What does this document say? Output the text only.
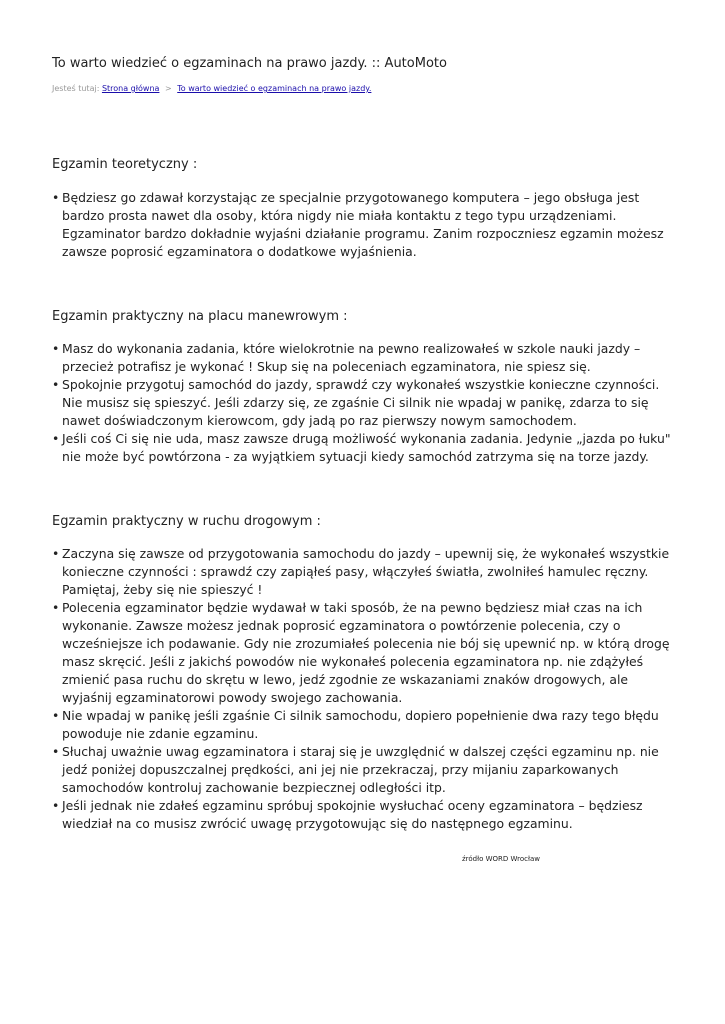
To warto wiedzieć o egzaminach na prawo jazdy. :: AutoMoto
Jesteś tutaj: Strona główna > To warto wiedzieć o egzaminach na prawo jazdy.
Egzamin teoretyczny :
• Będziesz go zdawał korzystając ze specjalnie przygotowanego komputera – jego obsługa jest bardzo prosta nawet dla osoby, która nigdy nie miała kontaktu z tego typu urządzeniami. Egzaminator bardzo dokładnie wyjaśni działanie programu. Zanim rozpoczniesz egzamin możesz zawsze poprosić egzaminatora o dodatkowe wyjaśnienia.
Egzamin praktyczny na placu manewrowym :
• Masz do wykonania zadania, które wielokrotnie na pewno realizowałeś w szkole nauki jazdy – przecież potrafisz je wykonać ! Skup się na poleceniach egzaminatora, nie spiesz się.
• Spokojnie przygotuj samochód do jazdy, sprawdź czy wykonałeś wszystkie konieczne czynności. Nie musisz się spieszyć. Jeśli zdarzy się, ze zgaśnie Ci silnik nie wpadaj w panikę, zdarza to się nawet doświadczonym kierowcom, gdy jadą po raz pierwszy nowym samochodem.
• Jeśli coś Ci się nie uda, masz zawsze drugą możliwość wykonania zadania. Jedynie „jazda po łuku" nie może być powtórzona - za wyjątkiem sytuacji kiedy samochód zatrzyma się na torze jazdy.
Egzamin praktyczny w ruchu drogowym :
• Zaczyna się zawsze od przygotowania samochodu do jazdy – upewnij się, że wykonałeś wszystkie konieczne czynności : sprawdź czy zapiąłeś pasy, włączyłeś światła, zwolniłeś hamulec ręczny. Pamiętaj, żeby się nie spieszyć !
• Polecenia egzaminator będzie wydawał w taki sposób, że na pewno będziesz miał czas na ich wykonanie. Zawsze możesz jednak poprosić egzaminatora o powtórzenie polecenia, czy o wcześniejsze ich podawanie. Gdy nie zrozumiałeś polecenia nie bój się upewnić np. w którą drogę masz skręcić. Jeśli z jakichś powodów nie wykonałeś polecenia egzaminatora np. nie zdążyłeś zmienić pasa ruchu do skrętu w lewo, jedź zgodnie ze wskazaniami znaków drogowych, ale wyjaśnij egzaminatorowi powody swojego zachowania.
• Nie wpadaj w panikę jeśli zgaśnie Ci silnik samochodu, dopiero popełnienie dwa razy tego błędu powoduje nie zdanie egzaminu.
• Słuchaj uważnie uwag egzaminatora i staraj się je uwzględnić w dalszej części egzaminu np. nie jedź poniżej dopuszczalnej prędkości, ani jej nie przekraczaj, przy mijaniu zaparkowanych samochodów kontroluj zachowanie bezpiecznej odległości itp.
• Jeśli jednak nie zdałeś egzaminu spróbuj spokojnie wysłuchać oceny egzaminatora – będziesz wiedział na co musisz zwrócić uwagę przygotowując się do następnego egzaminu.
źródło WORD Wrocław
